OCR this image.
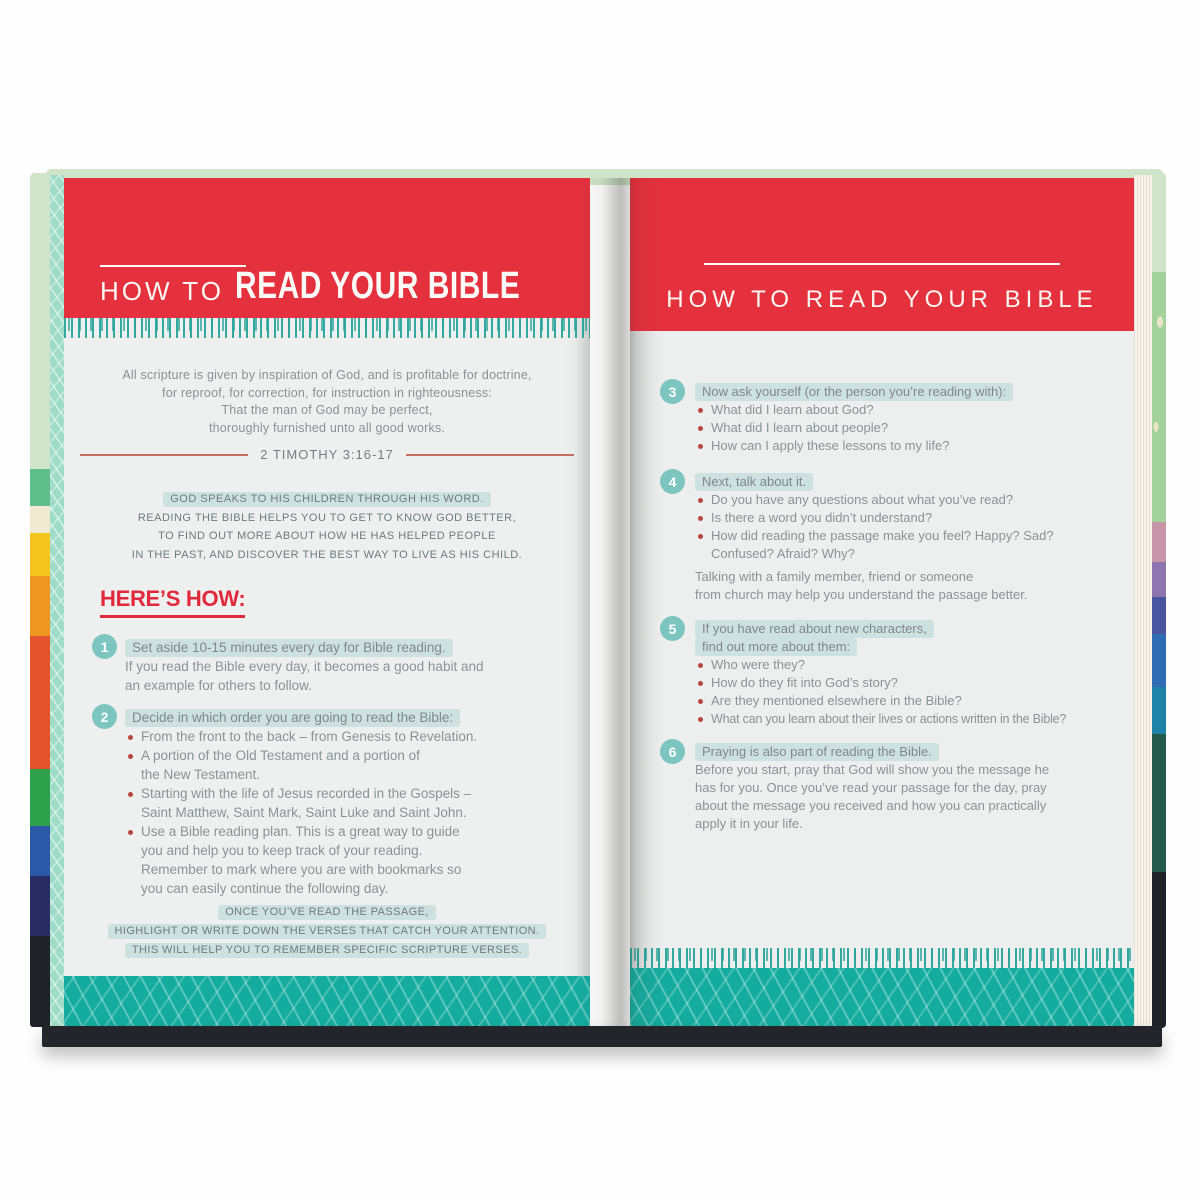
HOW TO READ YOUR BIBLE
All scripture is given by inspiration of God, and is profitable for doctrine,
for reproof, for correction, for instruction in righteousness:
That the man of God may be perfect,
thoroughly furnished unto all good works.
2 TIMOTHY 3:16-17
GOD SPEAKS TO HIS CHILDREN THROUGH HIS WORD.
READING THE BIBLE HELPS YOU TO GET TO KNOW GOD BETTER,
TO FIND OUT MORE ABOUT HOW HE HAS HELPED PEOPLE
IN THE PAST, AND DISCOVER THE BEST WAY TO LIVE AS HIS CHILD.
HERE’S HOW:
1	Set aside 10-15 minutes every day for Bible reading.
If you read the Bible every day, it becomes a good habit and
an example for others to follow.
2	Decide in which order you are going to read the Bible:
From the front to the back – from Genesis to Revelation.
A portion of the Old Testament and a portion of
the New Testament.
Starting with the life of Jesus recorded in the Gospels –
Saint Matthew, Saint Mark, Saint Luke and Saint John.
Use a Bible reading plan. This is a great way to guide
you and help you to keep track of your reading.
Remember to mark where you are with bookmarks so
you can easily continue the following day.
ONCE YOU’VE READ THE PASSAGE,
HIGHLIGHT OR WRITE DOWN THE VERSES THAT CATCH YOUR ATTENTION.
THIS WILL HELP YOU TO REMEMBER SPECIFIC SCRIPTURE VERSES.
HOW TO READ YOUR BIBLE
3	Now ask yourself (or the person you’re reading with):
What did I learn about God?
What did I learn about people?
How can I apply these lessons to my life?
4	Next, talk about it.
Do you have any questions about what you’ve read?
Is there a word you didn’t understand?
How did reading the passage make you feel? Happy? Sad?
Confused? Afraid? Why?
Talking with a family member, friend or someone
from church may help you understand the passage better.
5	If you have read about new characters,
find out more about them:
Who were they?
How do they fit into God’s story?
Are they mentioned elsewhere in the Bible?
What can you learn about their lives or actions written in the Bible?
6	Praying is also part of reading the Bible.
Before you start, pray that God will show you the message he
has for you. Once you’ve read your passage for the day, pray
about the message you received and how you can practically
apply it in your life.
